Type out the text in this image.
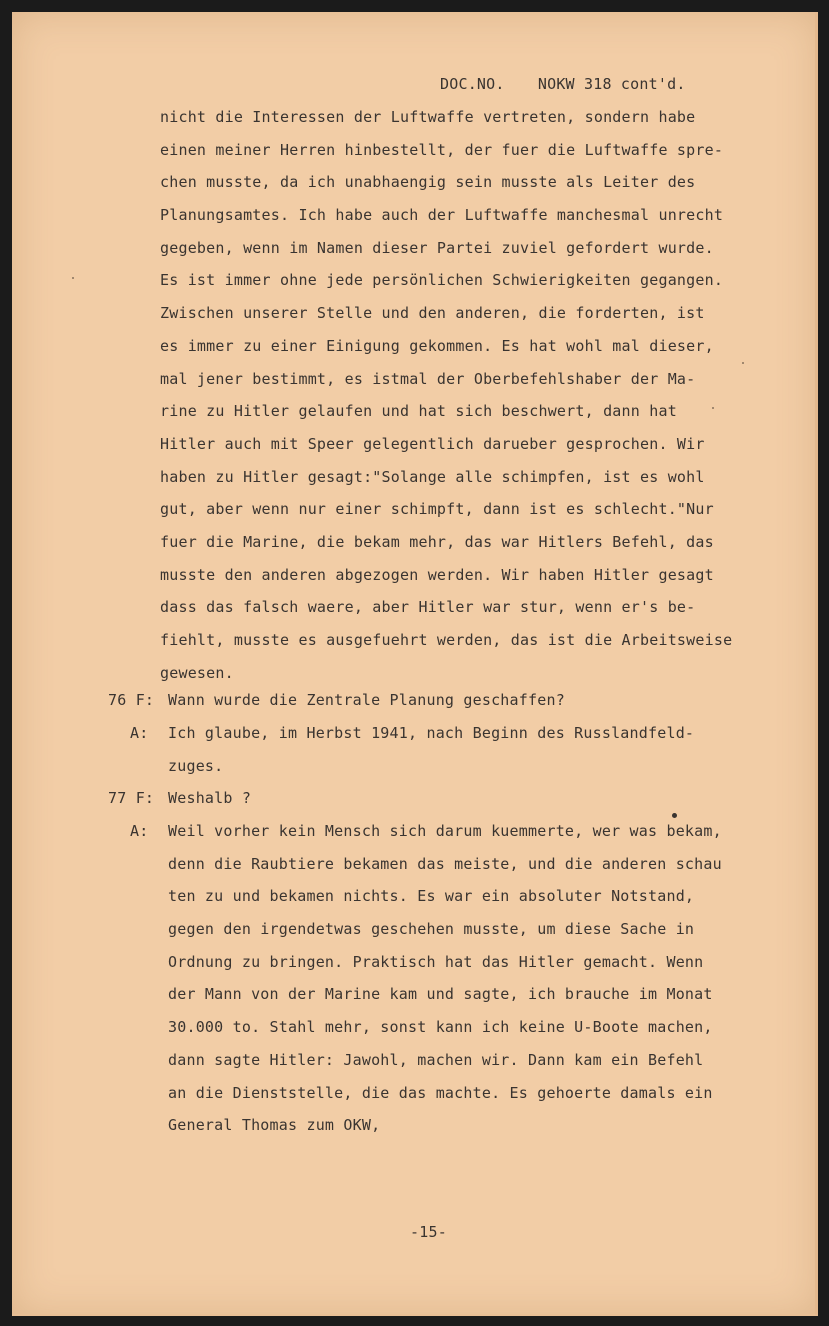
DOC.NO. NOKW 318 cont'd.
nicht die Interessen der Luftwaffe vertreten, sondern habe
einen meiner Herren hinbestellt, der fuer die Luftwaffe spre-
chen musste, da ich unabhaengig sein musste als Leiter des
Planungsamtes. Ich habe auch der Luftwaffe manchesmal unrecht
gegeben, wenn im Namen dieser Partei zuviel gefordert wurde.
Es ist immer ohne jede persönlichen Schwierigkeiten gegangen.
Zwischen unserer Stelle und den anderen, die forderten, ist
es immer zu einer Einigung gekommen. Es hat wohl mal dieser,
mal jener bestimmt, es istmal der Oberbefehlshaber der Ma-
rine zu Hitler gelaufen und hat sich beschwert, dann hat
Hitler auch mit Speer gelegentlich darueber gesprochen. Wir
haben zu Hitler gesagt:"Solange alle schimpfen, ist es wohl
gut, aber wenn nur einer schimpft, dann ist es schlecht."Nur
fuer die Marine, die bekam mehr, das war Hitlers Befehl, das
musste den anderen abgezogen werden. Wir haben Hitler gesagt
dass das falsch waere, aber Hitler war stur, wenn er's be-
fiehlt, musste es ausgefuehrt werden, das ist die Arbeitsweise
gewesen.
76 F: Wann wurde die Zentrale Planung geschaffen?
A:	Ich glaube, im Herbst 1941, nach Beginn des Russlandfeld-
zuges.
77 F: Weshalb ?
A:	Weil vorher kein Mensch sich darum kuemmerte, wer was bekam,
denn die Raubtiere bekamen das meiste, und die anderen schau
ten zu und bekamen nichts. Es war ein absoluter Notstand,
gegen den irgendetwas geschehen musste, um diese Sache in
Ordnung zu bringen. Praktisch hat das Hitler gemacht. Wenn
der Mann von der Marine kam und sagte, ich brauche im Monat
30.000 to. Stahl mehr, sonst kann ich keine U-Boote machen,
dann sagte Hitler: Jawohl, machen wir. Dann kam ein Befehl
an die Dienststelle, die das machte. Es gehoerte damals ein
General Thomas zum OKW,
-15-
